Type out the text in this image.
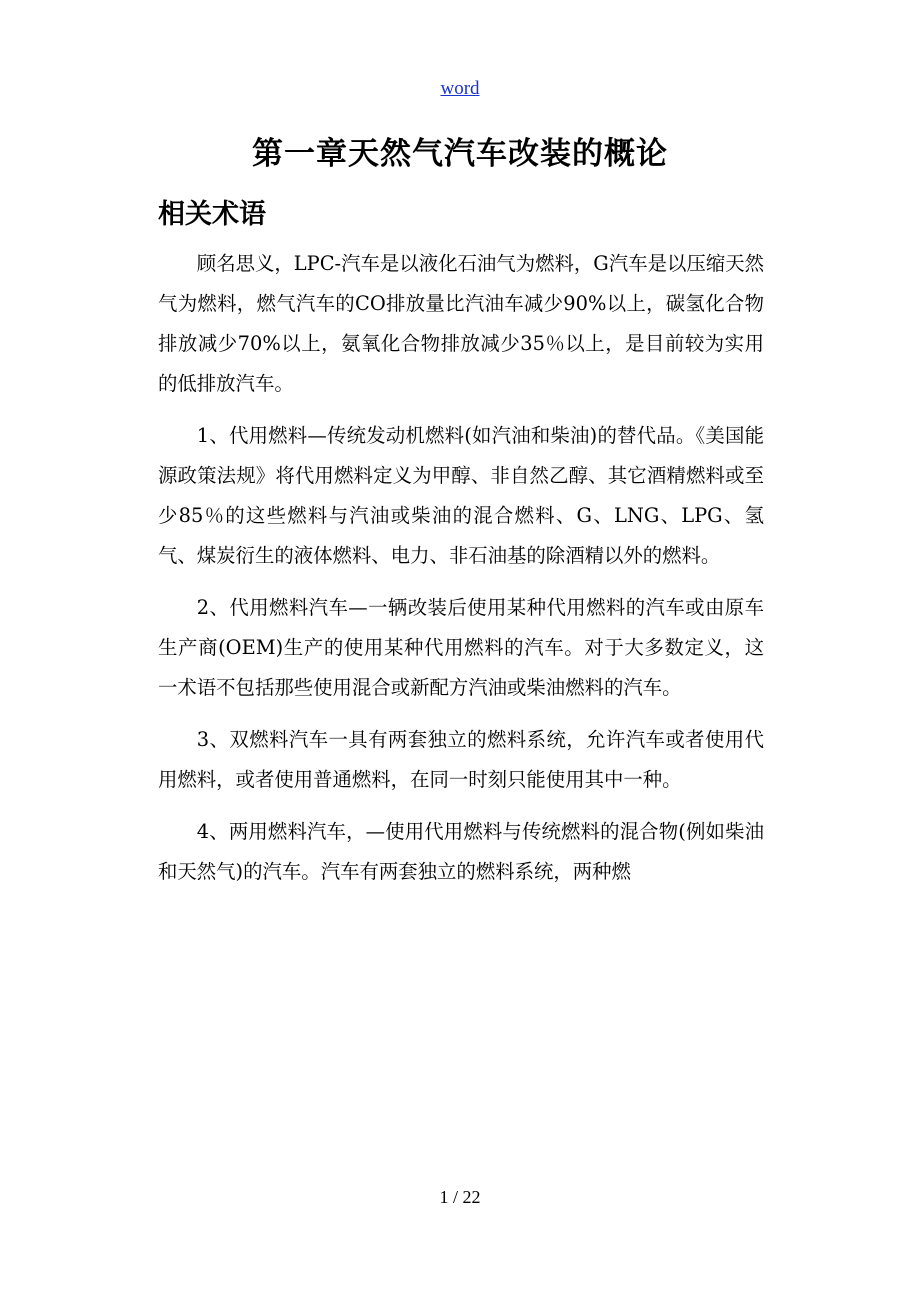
word
第一章天然气汽车改装的概论
相关术语

顾名思义，LPC-汽车是以液化石油气为燃料，G汽车是以压缩天然气为燃料，燃气汽车的CO排放量比汽油车减少90%以上，碳氢化合物排放减少70%以上，氨氧化合物排放减少35％以上，是目前较为实用的低排放汽车。

1、代用燃料—传统发动机燃料(如汽油和柴油)的替代品。《美国能源政策法规》将代用燃料定义为甲醇、非自然乙醇、其它酒精燃料或至少85％的这些燃料与汽油或柴油的混合燃料、G、LNG、LPG、氢气、煤炭衍生的液体燃料、电力、非石油基的除酒精以外的燃料。

2、代用燃料汽车—一辆改装后使用某种代用燃料的汽车或由原车生产商(OEM)生产的使用某种代用燃料的汽车。对于大多数定义，这一术语不包括那些使用混合或新配方汽油或柴油燃料的汽车。

3、双燃料汽车一具有两套独立的燃料系统，允许汽车或者使用代用燃料，或者使用普通燃料，在同一时刻只能使用其中一种。

4、两用燃料汽车，—使用代用燃料与传统燃料的混合物(例如柴油和天然气)的汽车。汽车有两套独立的燃料系统，两种燃

1 / 22
